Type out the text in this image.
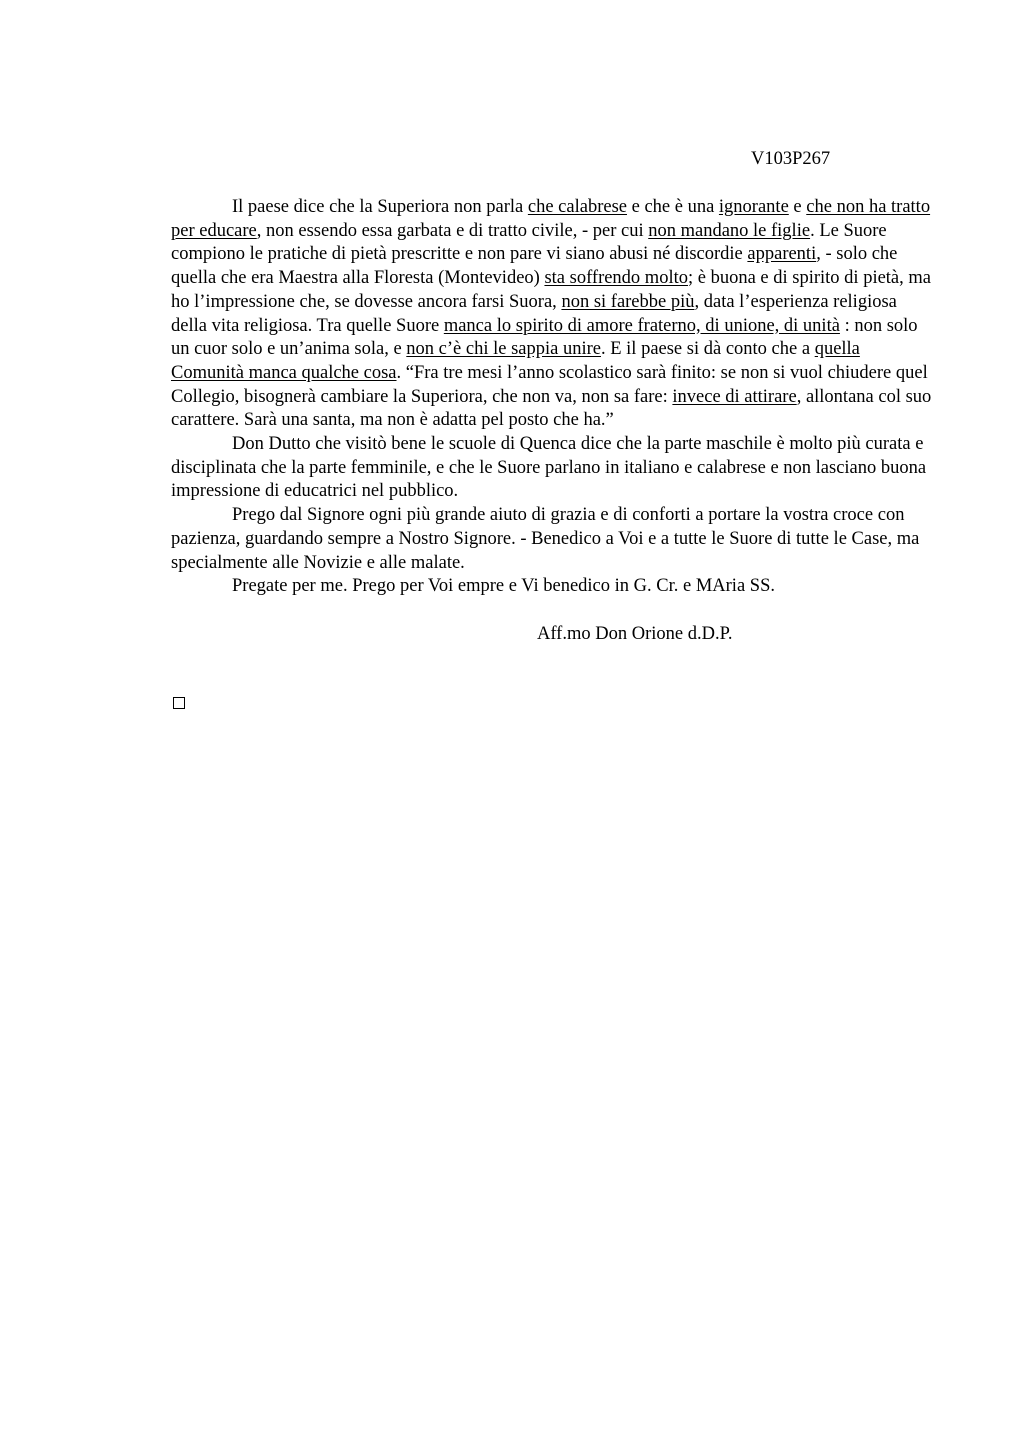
V103P267

Il paese dice che la Superiora non parla che calabrese e che è una ignorante e che non ha tratto per educare, non essendo essa garbata e di tratto civile, - per cui non mandano le figlie. Le Suore compiono le pratiche di pietà prescritte e non pare vi siano abusi né discordie apparenti, - solo che quella che era Maestra alla Floresta (Montevideo) sta soffrendo molto; è buona e di spirito di pietà, ma ho l’impressione che, se dovesse ancora farsi Suora, non si farebbe più, data l’esperienza religiosa della vita religiosa. Tra quelle Suore manca lo spirito di amore fraterno, di unione, di unità : non solo un cuor solo e un’anima sola, e non c’è chi le sappia unire. E il paese si dà conto che a quella Comunità manca qualche cosa. “Fra tre mesi l’anno scolastico sarà finito: se non si vuol chiudere quel Collegio, bisognerà cambiare la Superiora, che non va, non sa fare: invece di attirare, allontana col suo carattere. Sarà una santa, ma non è adatta pel posto che ha.”

Don Dutto che visitò bene le scuole di Quenca dice che la parte maschile è molto più curata e disciplinata che la parte femminile, e che le Suore parlano in italiano e calabrese e non lasciano buona impressione di educatrici nel pubblico.

Prego dal Signore ogni più grande aiuto di grazia e di conforti a portare la vostra croce con pazienza, guardando sempre a Nostro Signore. - Benedico a Voi e a tutte le Suore di tutte le Case, ma specialmente alle Novizie e alle malate.

Pregate per me. Prego per Voi empre e Vi benedico in G. Cr. e MAria SS.

Aff.mo Don Orione d.D.P.
